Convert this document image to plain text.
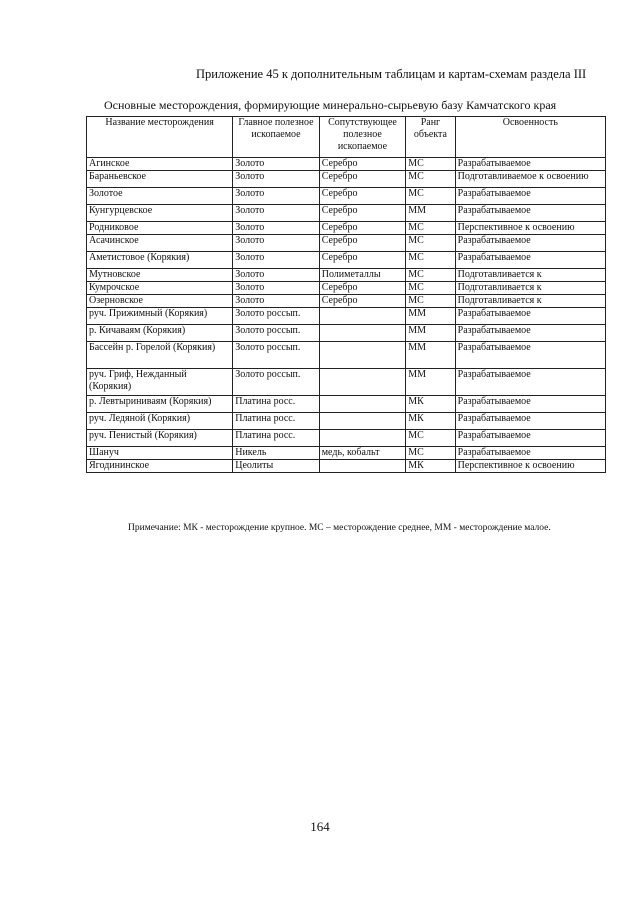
Приложение 45 к дополнительным таблицам и картам-схемам раздела III
Основные месторождения, формирующие минерально-сырьевую базу Камчатского края
Название месторождения	Главное полезное ископаемое	Сопутствующее полезное ископаемое	Ранг объекта	Освоенность
Агинское	Золото	Серебро	МС	Разрабатываемое
Бараньевское	Золото	Серебро	МС	Подготавливаемое к освоению
Золотое	Золото	Серебро	МС	Разрабатываемое
Кунгурцевское	Золото	Серебро	ММ	Разрабатываемое
Родниковое	Золото	Серебро	МС	Перспективное к освоению
Асачинское	Золото	Серебро	МС	Разрабатываемое
Аметистовое (Корякия)	Золото	Серебро	МС	Разрабатываемое
Мутновское	Золото	Полиметаллы	МС	Подготавливается к
Кумрочское	Золото	Серебро	МС	Подготавливается к
Озерновское	Золото	Серебро	МС	Подготавливается к
руч. Прижимный (Корякия)	Золото россып.		ММ	Разрабатываемое
р. Кичаваям (Корякия)	Золото россып.		ММ	Разрабатываемое
Бассейн р. Горелой (Корякия)	Золото россып.		ММ	Разрабатываемое
руч. Гриф, Нежданный (Корякия)	Золото россып.		ММ	Разрабатываемое
р. Левтыриниваям (Корякия)	Платина росс.		МК	Разрабатываемое
руч. Ледяной (Корякия)	Платина росс.		МК	Разрабатываемое
руч. Пенистый (Корякия)	Платина росс.		МС	Разрабатываемое
Шануч	Никель	медь, кобальт	МС	Разрабатываемое
Ягодининское	Цеолиты		МК	Перспективное к освоению
Примечание: МК - месторождение крупное. МС – месторождение среднее, ММ - месторождение малое.
164
